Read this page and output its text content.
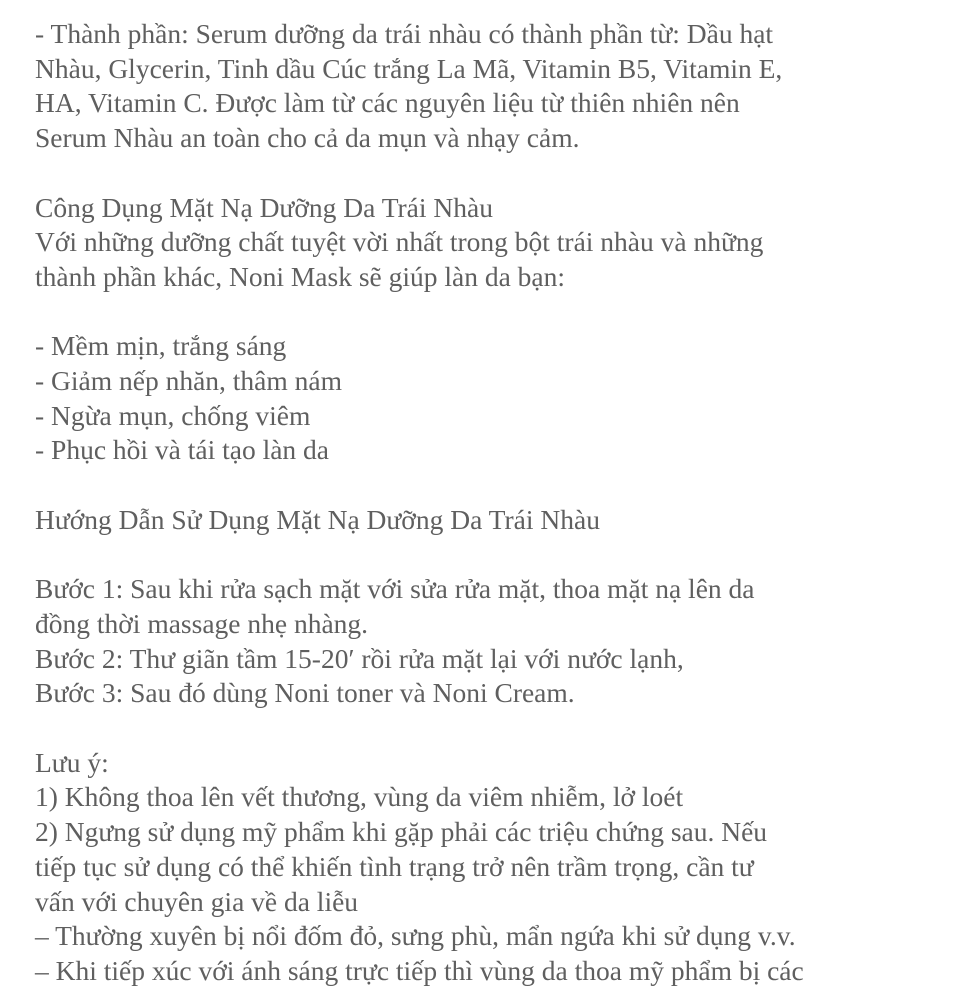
- Thành phần: Serum dưỡng da trái nhàu có thành phần từ: Dầu hạt
Nhàu, Glycerin, Tinh dầu Cúc trắng La Mã, Vitamin B5, Vitamin E,
HA, Vitamin C. Được làm từ các nguyên liệu từ thiên nhiên nên
Serum Nhàu an toàn cho cả da mụn và nhạy cảm.
Công Dụng Mặt Nạ Dưỡng Da Trái Nhàu
Với những dưỡng chất tuyệt vời nhất trong bột trái nhàu và những
thành phần khác, Noni Mask sẽ giúp làn da bạn:
- Mềm mịn, trắng sáng
- Giảm nếp nhăn, thâm nám
- Ngừa mụn, chống viêm
- Phục hồi và tái tạo làn da
Hướng Dẫn Sử Dụng Mặt Nạ Dưỡng Da Trái Nhàu
Bước 1: Sau khi rửa sạch mặt với sửa rửa mặt, thoa mặt nạ lên da
đồng thời massage nhẹ nhàng.
Bước 2: Thư giãn tầm 15-20′ rồi rửa mặt lại với nước lạnh,
Bước 3: Sau đó dùng Noni toner và Noni Cream.
Lưu ý:
1) Không thoa lên vết thương, vùng da viêm nhiễm, lở loét
2) Ngưng sử dụng mỹ phẩm khi gặp phải các triệu chứng sau. Nếu
tiếp tục sử dụng có thể khiến tình trạng trở nên trầm trọng, cần tư
vấn với chuyên gia về da liễu
– Thường xuyên bị nổi đốm đỏ, sưng phù, mẩn ngứa khi sử dụng v.v.
– Khi tiếp xúc với ánh sáng trực tiếp thì vùng da thoa mỹ phẩm bị các
